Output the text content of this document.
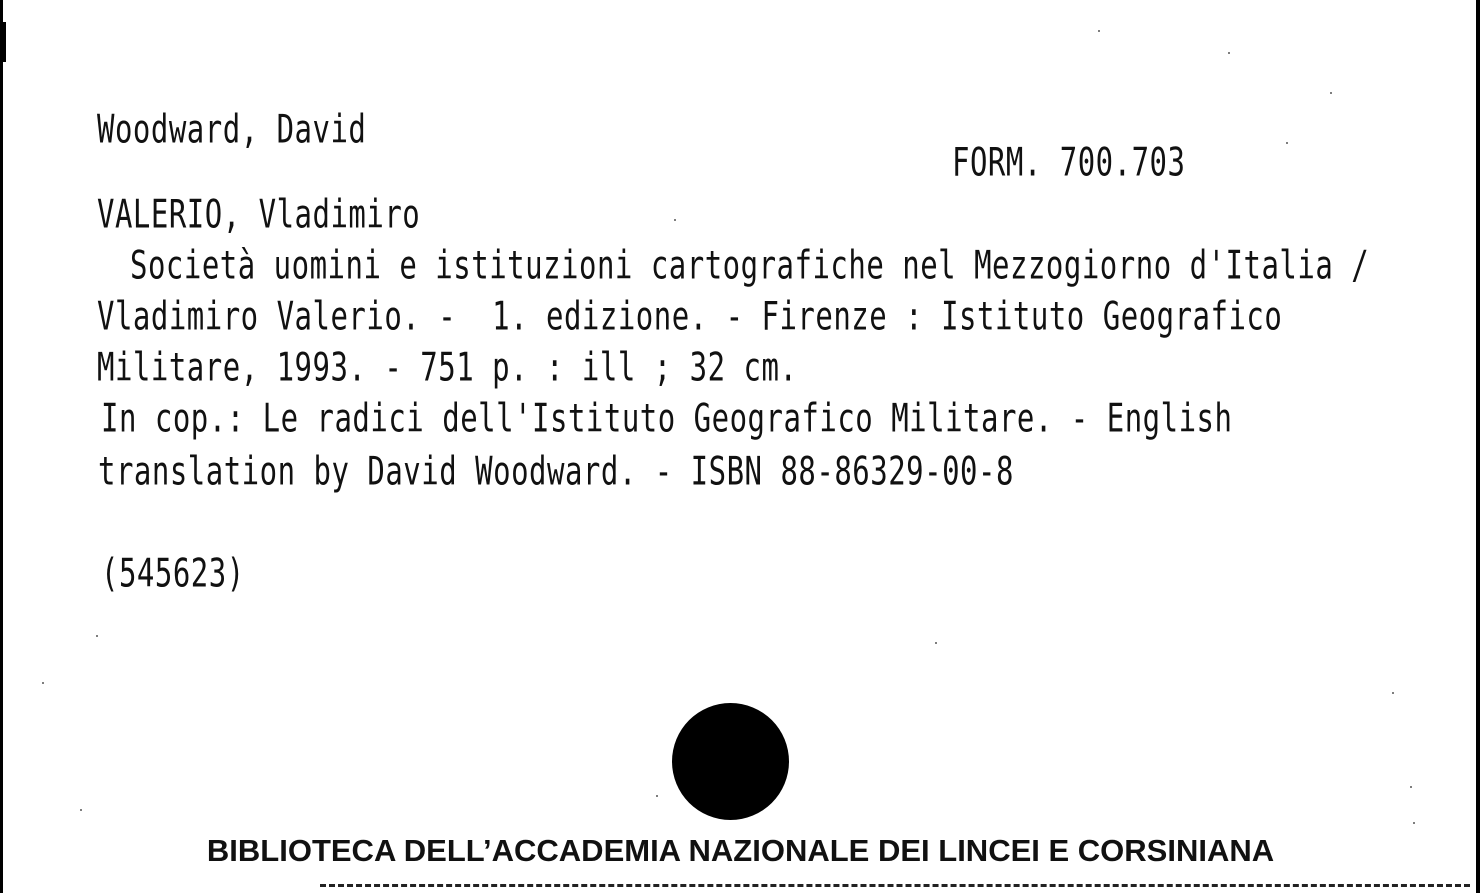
Woodward, David
FORM. 700.703
VALERIO, Vladimiro
Società uomini e istituzioni cartografiche nel Mezzogiorno d'Italia /
Vladimiro Valerio. -  1. edizione. - Firenze : Istituto Geografico
Militare, 1993. - 751 p. : ill ; 32 cm.
In cop.: Le radici dell'Istituto Geografico Militare. - English
translation by David Woodward. - ISBN 88-86329-00-8
(545623)
BIBLIOTECA DELL’ACCADEMIA NAZIONALE DEI LINCEI E CORSINIANA
